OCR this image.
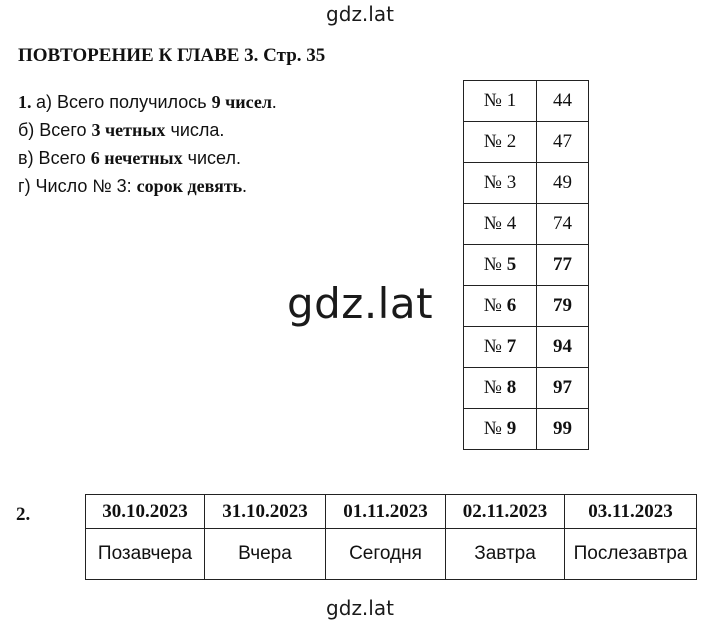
gdz.lat
ПОВТОРЕНИЕ К ГЛАВЕ 3. Стр. 35
1. а) Всего получилось 9 чисел.
б) Всего 3 четных числа.
в) Всего 6 нечетных чисел.
г) Число № 3: сорок девять.
№ 1	44
№ 2	47
№ 3	49
№ 4	74
№ 5	77
№ 6	79
№ 7	94
№ 8	97
№ 9	99
gdz.lat
2.	30.10.2023	31.10.2023	01.11.2023	02.11.2023	03.11.2023
Позавчера	Вчера	Сегодня	Завтра	Послезавтра
gdz.lat
